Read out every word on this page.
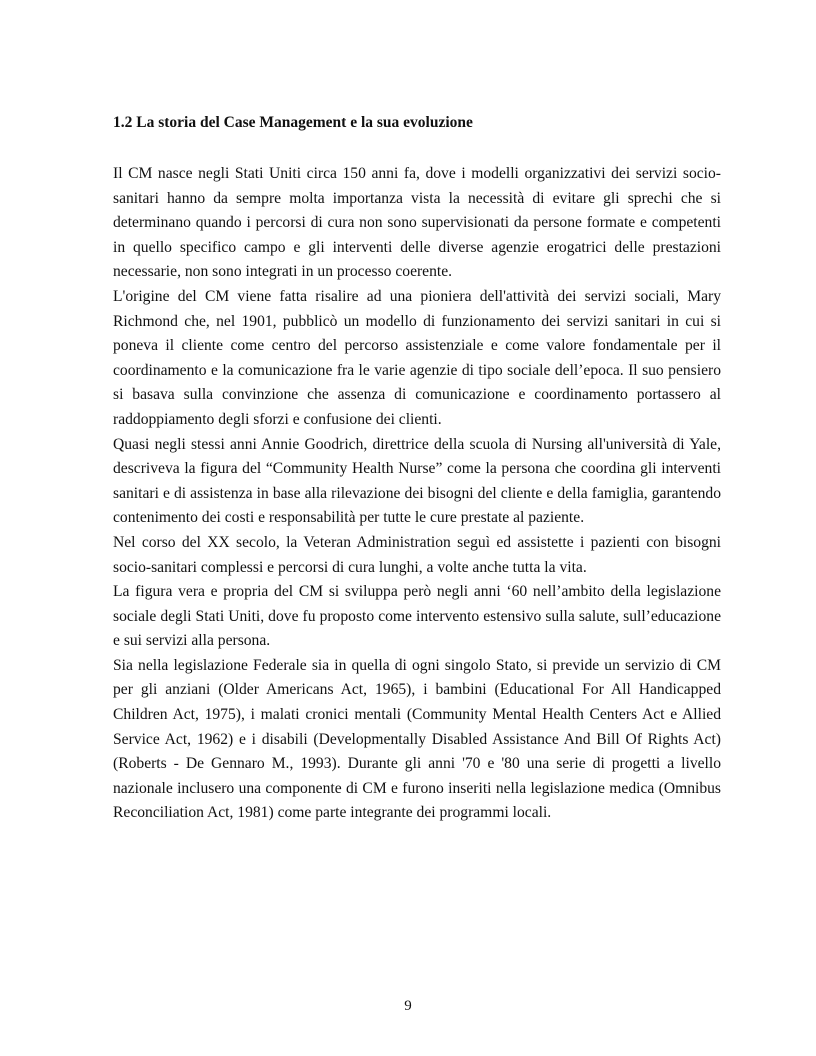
1.2 La storia del Case Management e la sua evoluzione

Il CM nasce negli Stati Uniti circa 150 anni fa, dove i modelli organizzativi dei servizi socio-sanitari hanno da sempre molta importanza vista la necessità di evitare gli sprechi che si determinano quando i percorsi di cura non sono supervisionati da persone formate e competenti in quello specifico campo e gli interventi delle diverse agenzie erogatrici delle prestazioni necessarie, non sono integrati in un processo coerente.

L'origine del CM viene fatta risalire ad una pioniera dell'attività dei servizi sociali, Mary Richmond che, nel 1901, pubblicò un modello di funzionamento dei servizi sanitari in cui si poneva il cliente come centro del percorso assistenziale e come valore fondamentale per il coordinamento e la comunicazione fra le varie agenzie di tipo sociale dell’epoca. Il suo pensiero si basava sulla convinzione che assenza di comunicazione e coordinamento portassero al raddoppiamento degli sforzi e confusione dei clienti.

Quasi negli stessi anni Annie Goodrich, direttrice della scuola di Nursing all'università di Yale, descriveva la figura del “Community Health Nurse” come la persona che coordina gli interventi sanitari e di assistenza in base alla rilevazione dei bisogni del cliente e della famiglia, garantendo contenimento dei costi e responsabilità per tutte le cure prestate al paziente.

Nel corso del XX secolo, la Veteran Administration seguì ed assistette i pazienti con bisogni socio-sanitari complessi e percorsi di cura lunghi, a volte anche tutta la vita.

La figura vera e propria del CM si sviluppa però negli anni ‘60 nell’ambito della legislazione sociale degli Stati Uniti, dove fu proposto come intervento estensivo sulla salute, sull’educazione e sui servizi alla persona.

Sia nella legislazione Federale sia in quella di ogni singolo Stato, si previde un servizio di CM per gli anziani (Older Americans Act, 1965), i bambini (Educational For All Handicapped Children Act, 1975), i malati cronici mentali (Community Mental Health Centers Act e Allied Service Act, 1962) e i disabili (Developmentally Disabled Assistance And Bill Of Rights Act) (Roberts - De Gennaro M., 1993). Durante gli anni '70 e '80 una serie di progetti a livello nazionale inclusero una componente di CM e furono inseriti nella legislazione medica (Omnibus Reconciliation Act, 1981) come parte integrante dei programmi locali.

9
